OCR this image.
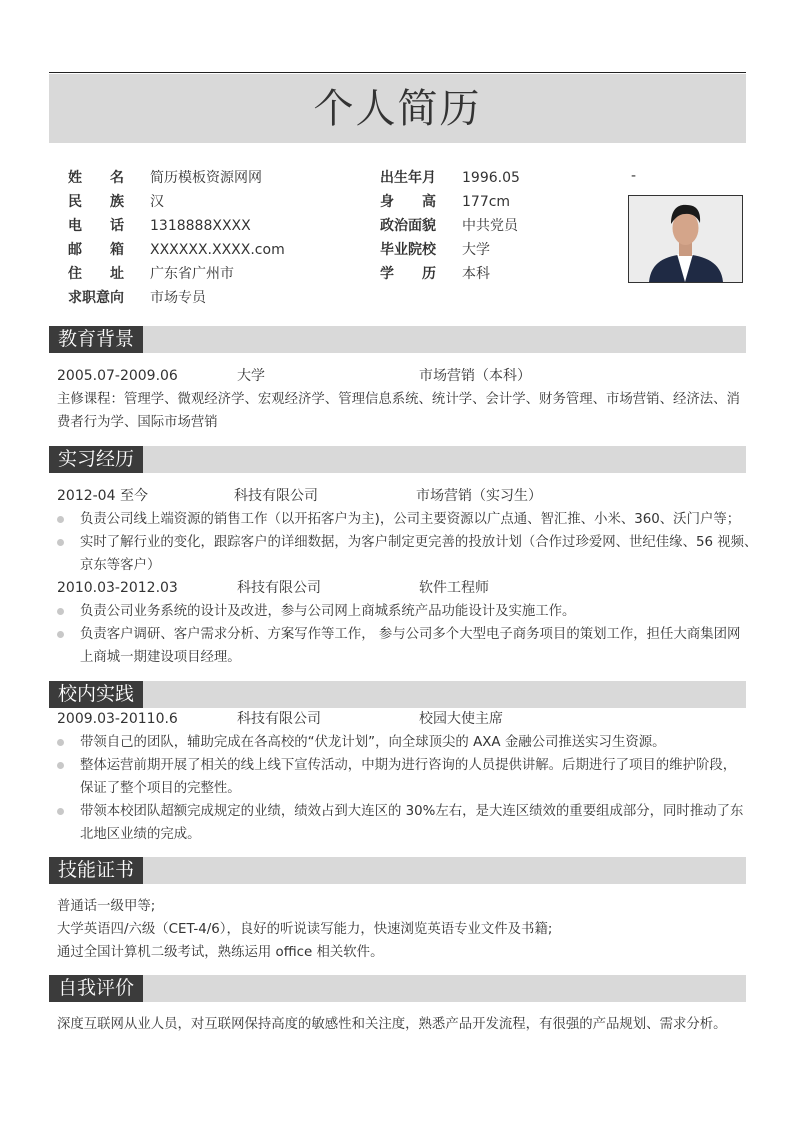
个人简历
姓 名 简历模板资源网网
民 族 汉
电 话 1318888XXXX
邮 箱 XXXXXX.XXXX.com
住 址 广东省广州市
求职意向 市场专员
出生年月 1996.05
身 高 177cm
政治面貌 中共党员
毕业院校 大学
学 历 本科
-
教育背景
2005.07-2009.06	大学	市场营销（本科）
主修课程：管理学、微观经济学、宏观经济学、管理信息系统、统计学、会计学、财务管理、市场营销、经济法、消
费者行为学、国际市场营销
实习经历
2012-04 至今	科技有限公司	市场营销（实习生）
负责公司线上端资源的销售工作（以开拓客户为主)，公司主要资源以广点通、智汇推、小米、360、沃门户等；
实时了解行业的变化，跟踪客户的详细数据，为客户制定更完善的投放计划（合作过珍爱网、世纪佳缘、56 视频、
京东等客户）
2010.03-2012.03	科技有限公司	软件工程师
负责公司业务系统的设计及改进，参与公司网上商城系统产品功能设计及实施工作。
负责客户调研、客户需求分析、方案写作等工作， 参与公司多个大型电子商务项目的策划工作，担任大商集团网
上商城一期建设项目经理。
校内实践
2009.03-20110.6	科技有限公司	校园大使主席
带领自己的团队，辅助完成在各高校的“伏龙计划”，向全球顶尖的 AXA 金融公司推送实习生资源。
整体运营前期开展了相关的线上线下宣传活动，中期为进行咨询的人员提供讲解。后期进行了项目的维护阶段，
保证了整个项目的完整性。
带领本校团队超额完成规定的业绩，绩效占到大连区的 30%左右，是大连区绩效的重要组成部分，同时推动了东
北地区业绩的完成。
技能证书
普通话一级甲等;
大学英语四/六级（CET-4/6），良好的听说读写能力，快速浏览英语专业文件及书籍;
通过全国计算机二级考试，熟练运用 office 相关软件。
自我评价
深度互联网从业人员，对互联网保持高度的敏感性和关注度，熟悉产品开发流程，有很强的产品规划、需求分析。
